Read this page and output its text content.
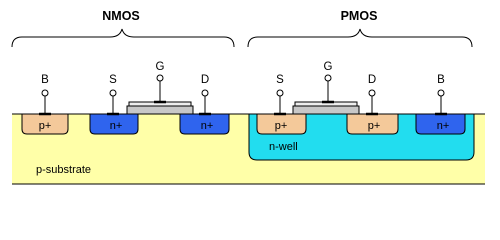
NMOS	PMOS
B	S
G
D	S
G
D	B
p+	n+	n+	p+	p+	n+
n-well
p-substrate
